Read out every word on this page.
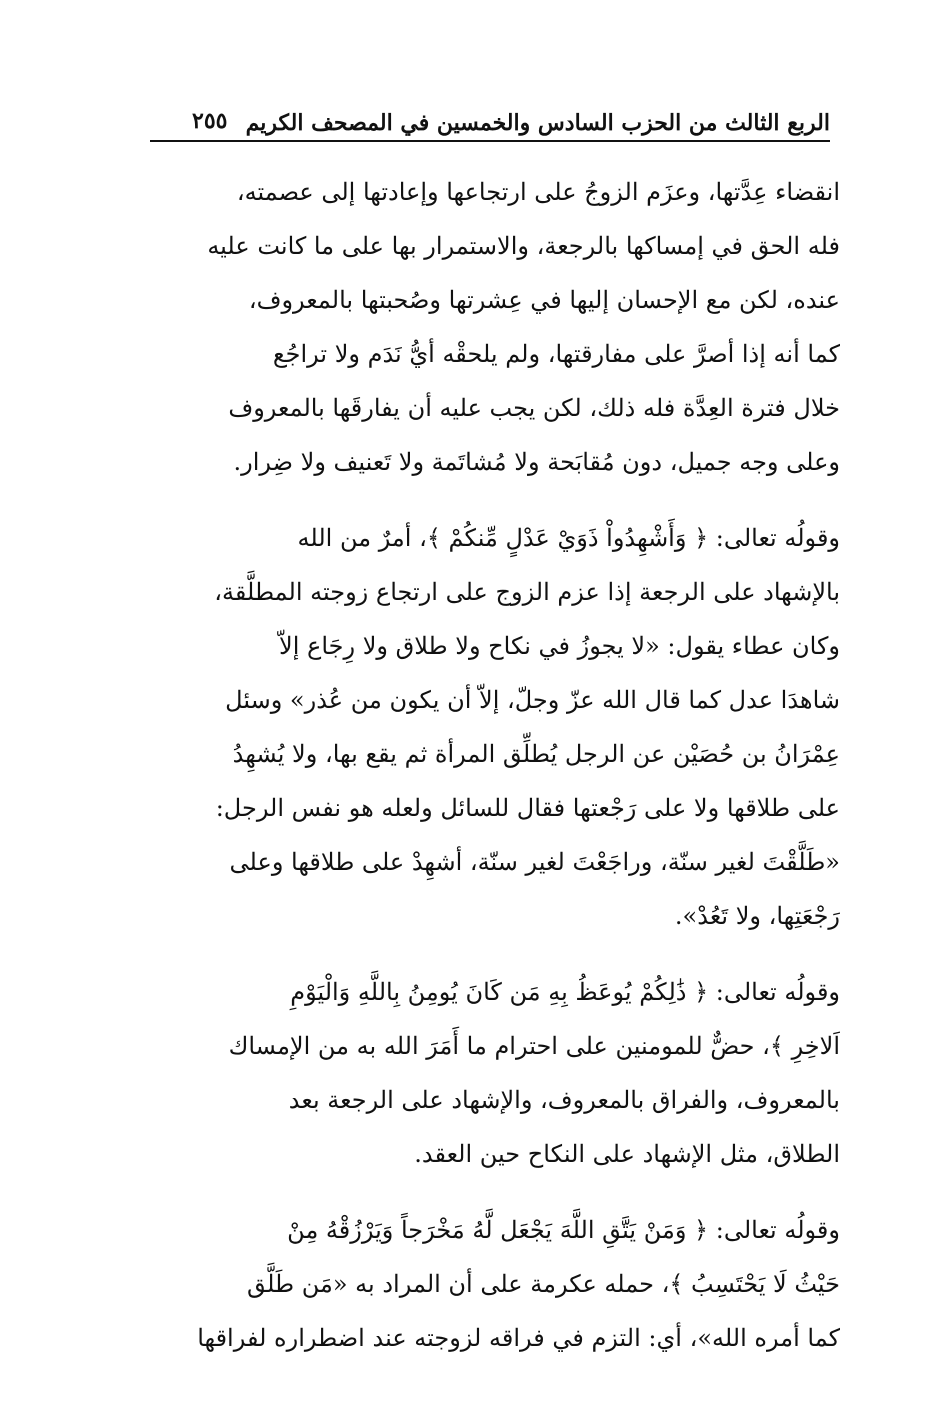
الربع الثالث من الحزب السادس والخمسين في المصحف الكريم
٢٥٥

انقضاء عِدَّتها، وعزَم الزوجُ على ارتجاعها وإعادتها إلى عصمته،
فله الحق في إمساكها بالرجعة، والاستمرار بها على ما كانت عليه
عنده، لكن مع الإحسان إليها في عِشرتها وصُحبتها بالمعروف،
كما أنه إذا أصرَّ على مفارقتها، ولم يلحقْه أيُّ نَدَم ولا تراجُع
خلال فترة العِدَّة فله ذلك، لكن يجب عليه أن يفارقَها بالمعروف
وعلى وجه جميل، دون مُقابَحة ولا مُشاتَمة ولا تَعنيف ولا ضِرار.

وقولُه تعالى: ﴿ وَأَشْهِدُواْ ذَوَيْ عَدْلٍ مِّنكُمْ ﴾، أمرٌ من الله
بالإشهاد على الرجعة إذا عزم الزوج على ارتجاع زوجته المطلَّقة،
وكان عطاء يقول: «لا يجوزُ في نكاح ولا طلاق ولا رِجَاع إلاّ
شاهدَا عدل كما قال الله عزّ وجلّ، إلاّ أن يكون من عُذر» وسئل
عِمْرَانُ بن حُصَيْن عن الرجل يُطلِّق المرأة ثم يقع بها، ولا يُشهِدُ
على طلاقها ولا على رَجْعتها فقال للسائل ولعله هو نفس الرجل:
«طَلَّقْتَ لغير سنّة، وراجَعْتَ لغير سنّة، أشهِدْ على طلاقها وعلى
رَجْعَتِها، ولا تَعُدْ».

وقولُه تعالى: ﴿ ذَٰلِكُمْ يُوعَظُ بِهِ مَن كَانَ يُومِنُ بِاللَّهِ وَالْيَوْمِ
اَلاخِرِ ﴾، حضٌّ للمومنين على احترام ما أَمَرَ الله به من الإمساك
بالمعروف، والفراق بالمعروف، والإشهاد على الرجعة بعد
الطلاق، مثل الإشهاد على النكاح حين العقد.

وقولُه تعالى: ﴿ وَمَنْ يَتَّقِ اللَّهَ يَجْعَل لَّهُ مَخْرَجاً وَيَرْزُقْهُ مِنْ
حَيْثُ لَا يَحْتَسِبُ ﴾، حمله عكرمة على أن المراد به «مَن طَلَّق
كما أمره الله»، أي: التزم في فراقه لزوجته عند اضطراره لفراقها
